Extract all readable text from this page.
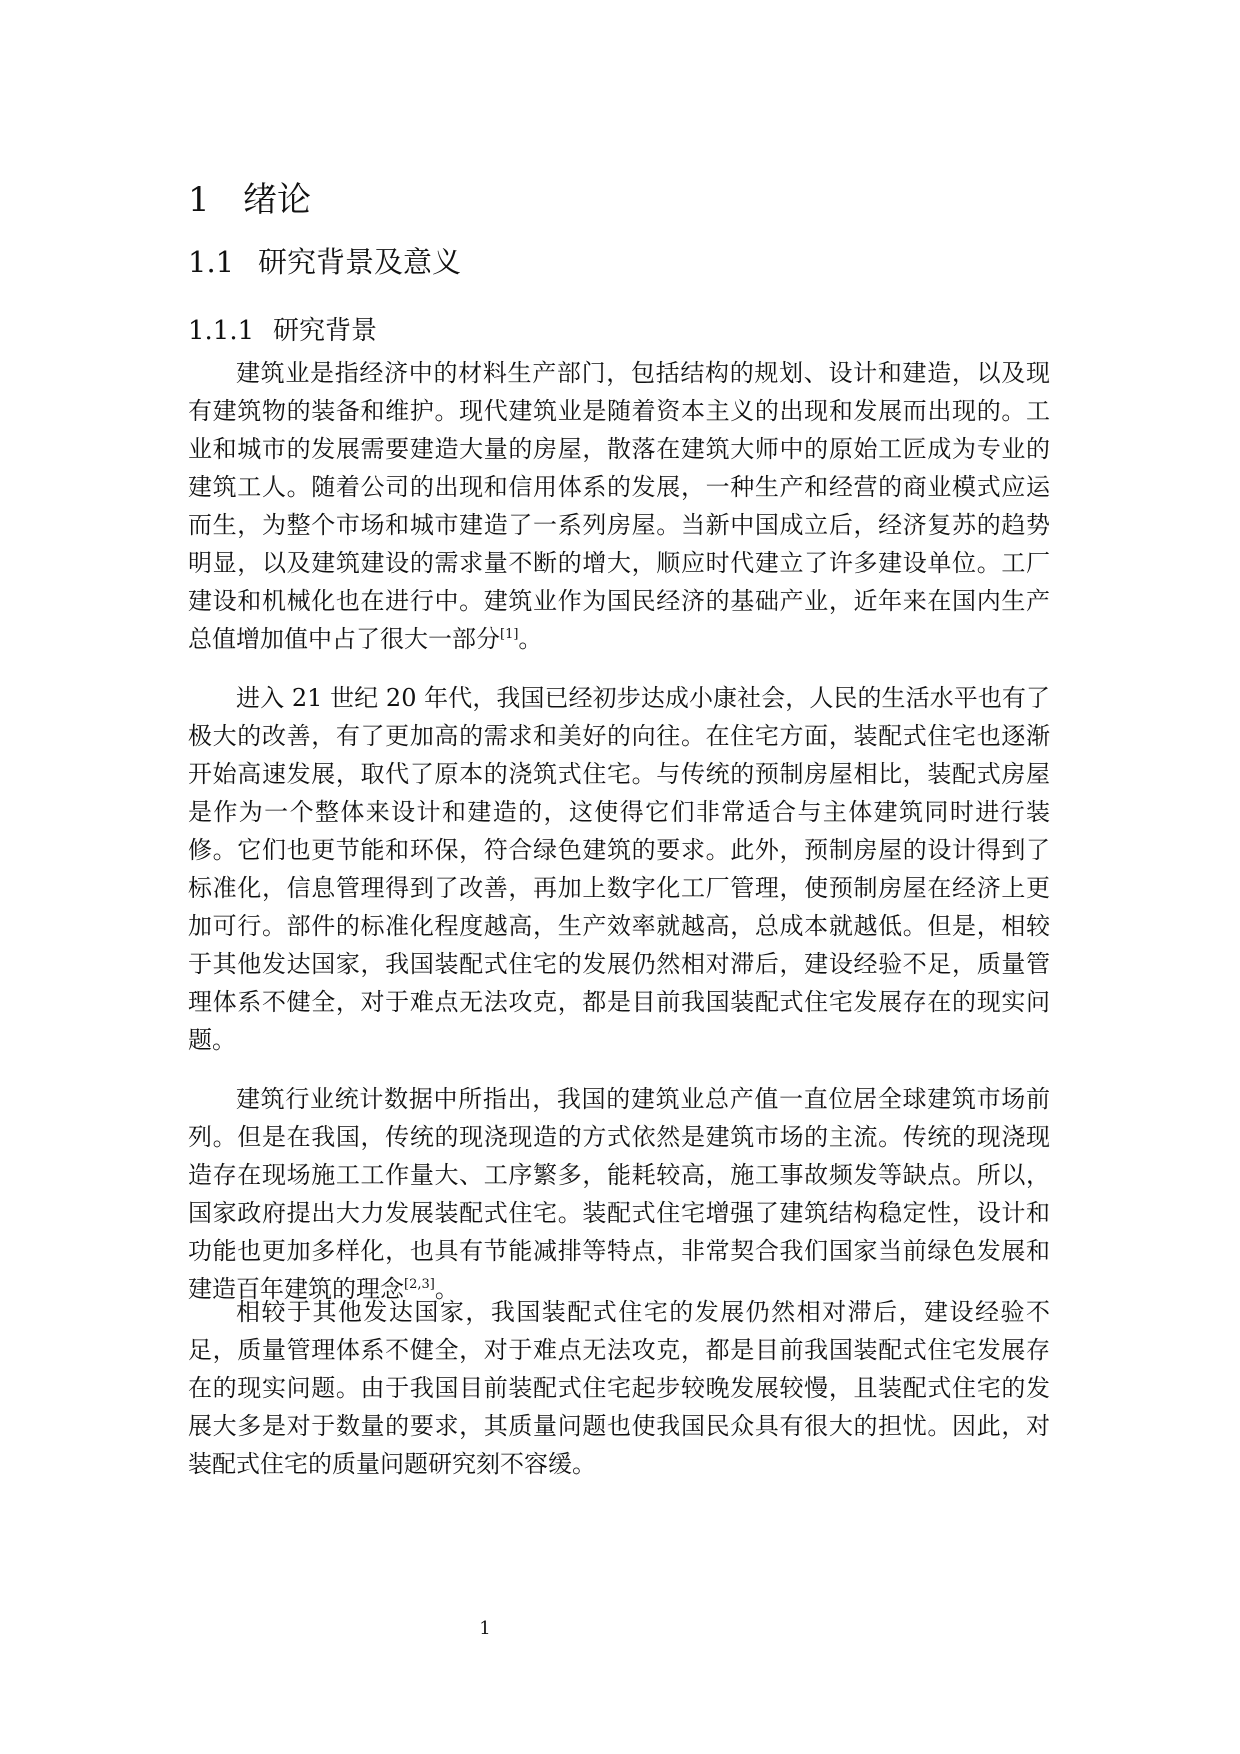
1 绪论
1.1 研究背景及意义
1.1.1 研究背景

建筑业是指经济中的材料生产部门，包括结构的规划、设计和建造，以及现有建筑物的装备和维护。现代建筑业是随着资本主义的出现和发展而出现的。工业和城市的发展需要建造大量的房屋，散落在建筑大师中的原始工匠成为专业的建筑工人。随着公司的出现和信用体系的发展，一种生产和经营的商业模式应运而生，为整个市场和城市建造了一系列房屋。当新中国成立后，经济复苏的趋势明显，以及建筑建设的需求量不断的增大，顺应时代建立了许多建设单位。工厂建设和机械化也在进行中。建筑业作为国民经济的基础产业，近年来在国内生产总值增加值中占了很大一部分[1]。

进入 21 世纪 20 年代，我国已经初步达成小康社会，人民的生活水平也有了极大的改善，有了更加高的需求和美好的向往。在住宅方面，装配式住宅也逐渐开始高速发展，取代了原本的浇筑式住宅。与传统的预制房屋相比，装配式房屋是作为一个整体来设计和建造的，这使得它们非常适合与主体建筑同时进行装修。它们也更节能和环保，符合绿色建筑的要求。此外，预制房屋的设计得到了标准化，信息管理得到了改善，再加上数字化工厂管理，使预制房屋在经济上更加可行。部件的标准化程度越高，生产效率就越高，总成本就越低。但是，相较于其他发达国家，我国装配式住宅的发展仍然相对滞后，建设经验不足，质量管理体系不健全，对于难点无法攻克，都是目前我国装配式住宅发展存在的现实问题。

建筑行业统计数据中所指出，我国的建筑业总产值一直位居全球建筑市场前列。但是在我国，传统的现浇现造的方式依然是建筑市场的主流。传统的现浇现造存在现场施工工作量大、工序繁多，能耗较高，施工事故频发等缺点。所以，国家政府提出大力发展装配式住宅。装配式住宅增强了建筑结构稳定性，设计和功能也更加多样化，也具有节能减排等特点，非常契合我们国家当前绿色发展和建造百年建筑的理念[2,3]。

相较于其他发达国家，我国装配式住宅的发展仍然相对滞后，建设经验不足，质量管理体系不健全，对于难点无法攻克，都是目前我国装配式住宅发展存在的现实问题。由于我国目前装配式住宅起步较晚发展较慢，且装配式住宅的发展大多是对于数量的要求，其质量问题也使我国民众具有很大的担忧。因此，对装配式住宅的质量问题研究刻不容缓。

1
